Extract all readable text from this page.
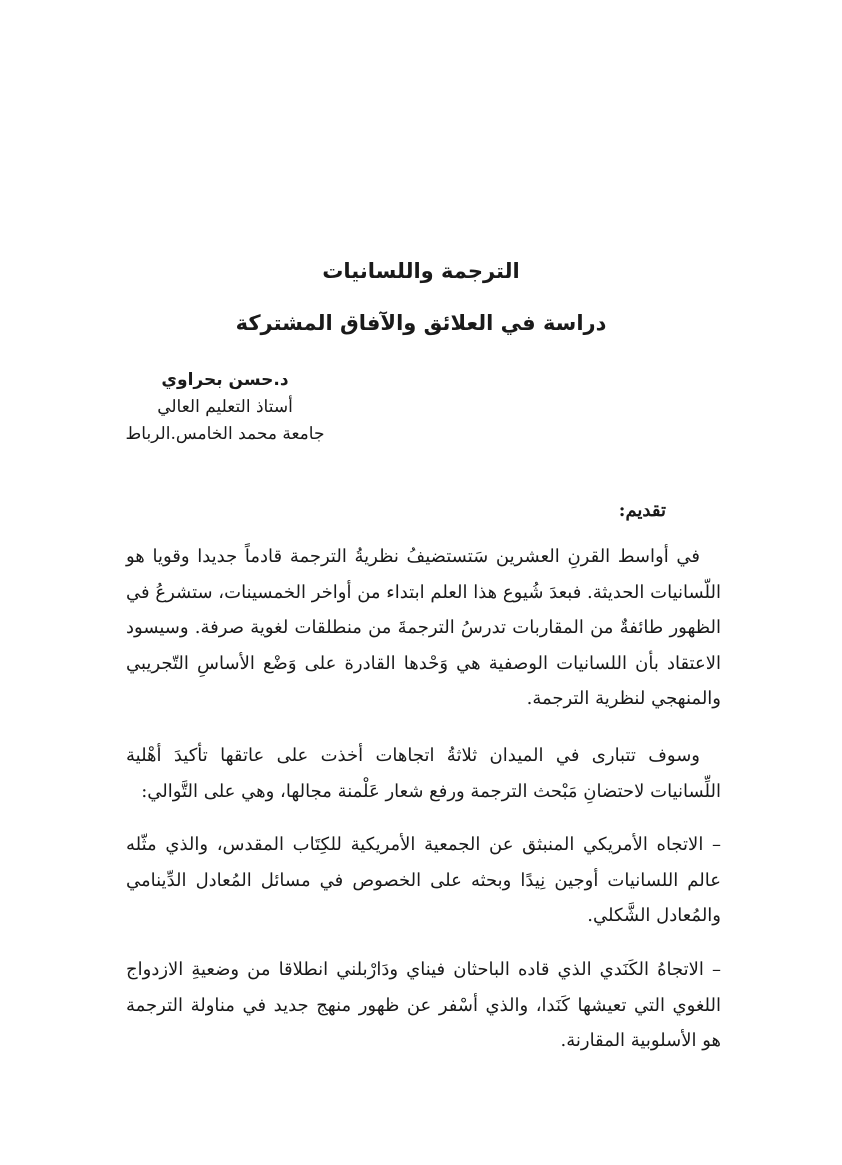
الترجمة واللسانيات
دراسة في العلائق والآفاق المشتركة
د.حسن بحراوي
أستاذ التعليم العالي
جامعة محمد الخامس.الرباط
تقديم:

في أواسط القرنِ العشرين سَتستضيفُ نظريةُ الترجمة قادماً جديدا وقويا هو اللّسانيات الحديثة. فبعدَ شُيوع هذا العلم ابتداء من أواخر الخمسينات، ستشرعُ في الظهور طائفةٌ من المقاربات تدرسُ الترجمةَ من منطلقات لغوية صرفة. وسيسود الاعتقاد بأن اللسانيات الوصفية هي وَحْدها القادرة على وَضْع الأساسِ التّجريبي والمنهجي لنظرية الترجمة.

وسوف تتبارى في الميدان ثلاثةُ اتجاهات أخذت على عاتقها تأكيدَ أهْلية اللِّسانيات لاحتضانِ مَبْحث الترجمة ورفع شعار عَلْمنة مجالها، وهي على التَّوالي:

– الاتجاه الأمريكي المنبثق عن الجمعية الأمريكية للكِتَاب المقدس، والذي مثّله عالم اللسانيات أوجين نِيدًا وبحثه على الخصوص في مسائل المُعادل الدِّينامي والمُعادل الشَّكلي.

– الاتجاهُ الكَنَدي الذي قاده الباحثان فيناي ودَارْبلني انطلاقا من وضعيةِ الازدواج اللغوي التي تعيشها كَنَدا، والذي أسْفر عن ظهور منهج جديد في مناولة الترجمة هو الأسلوبية المقارنة.
